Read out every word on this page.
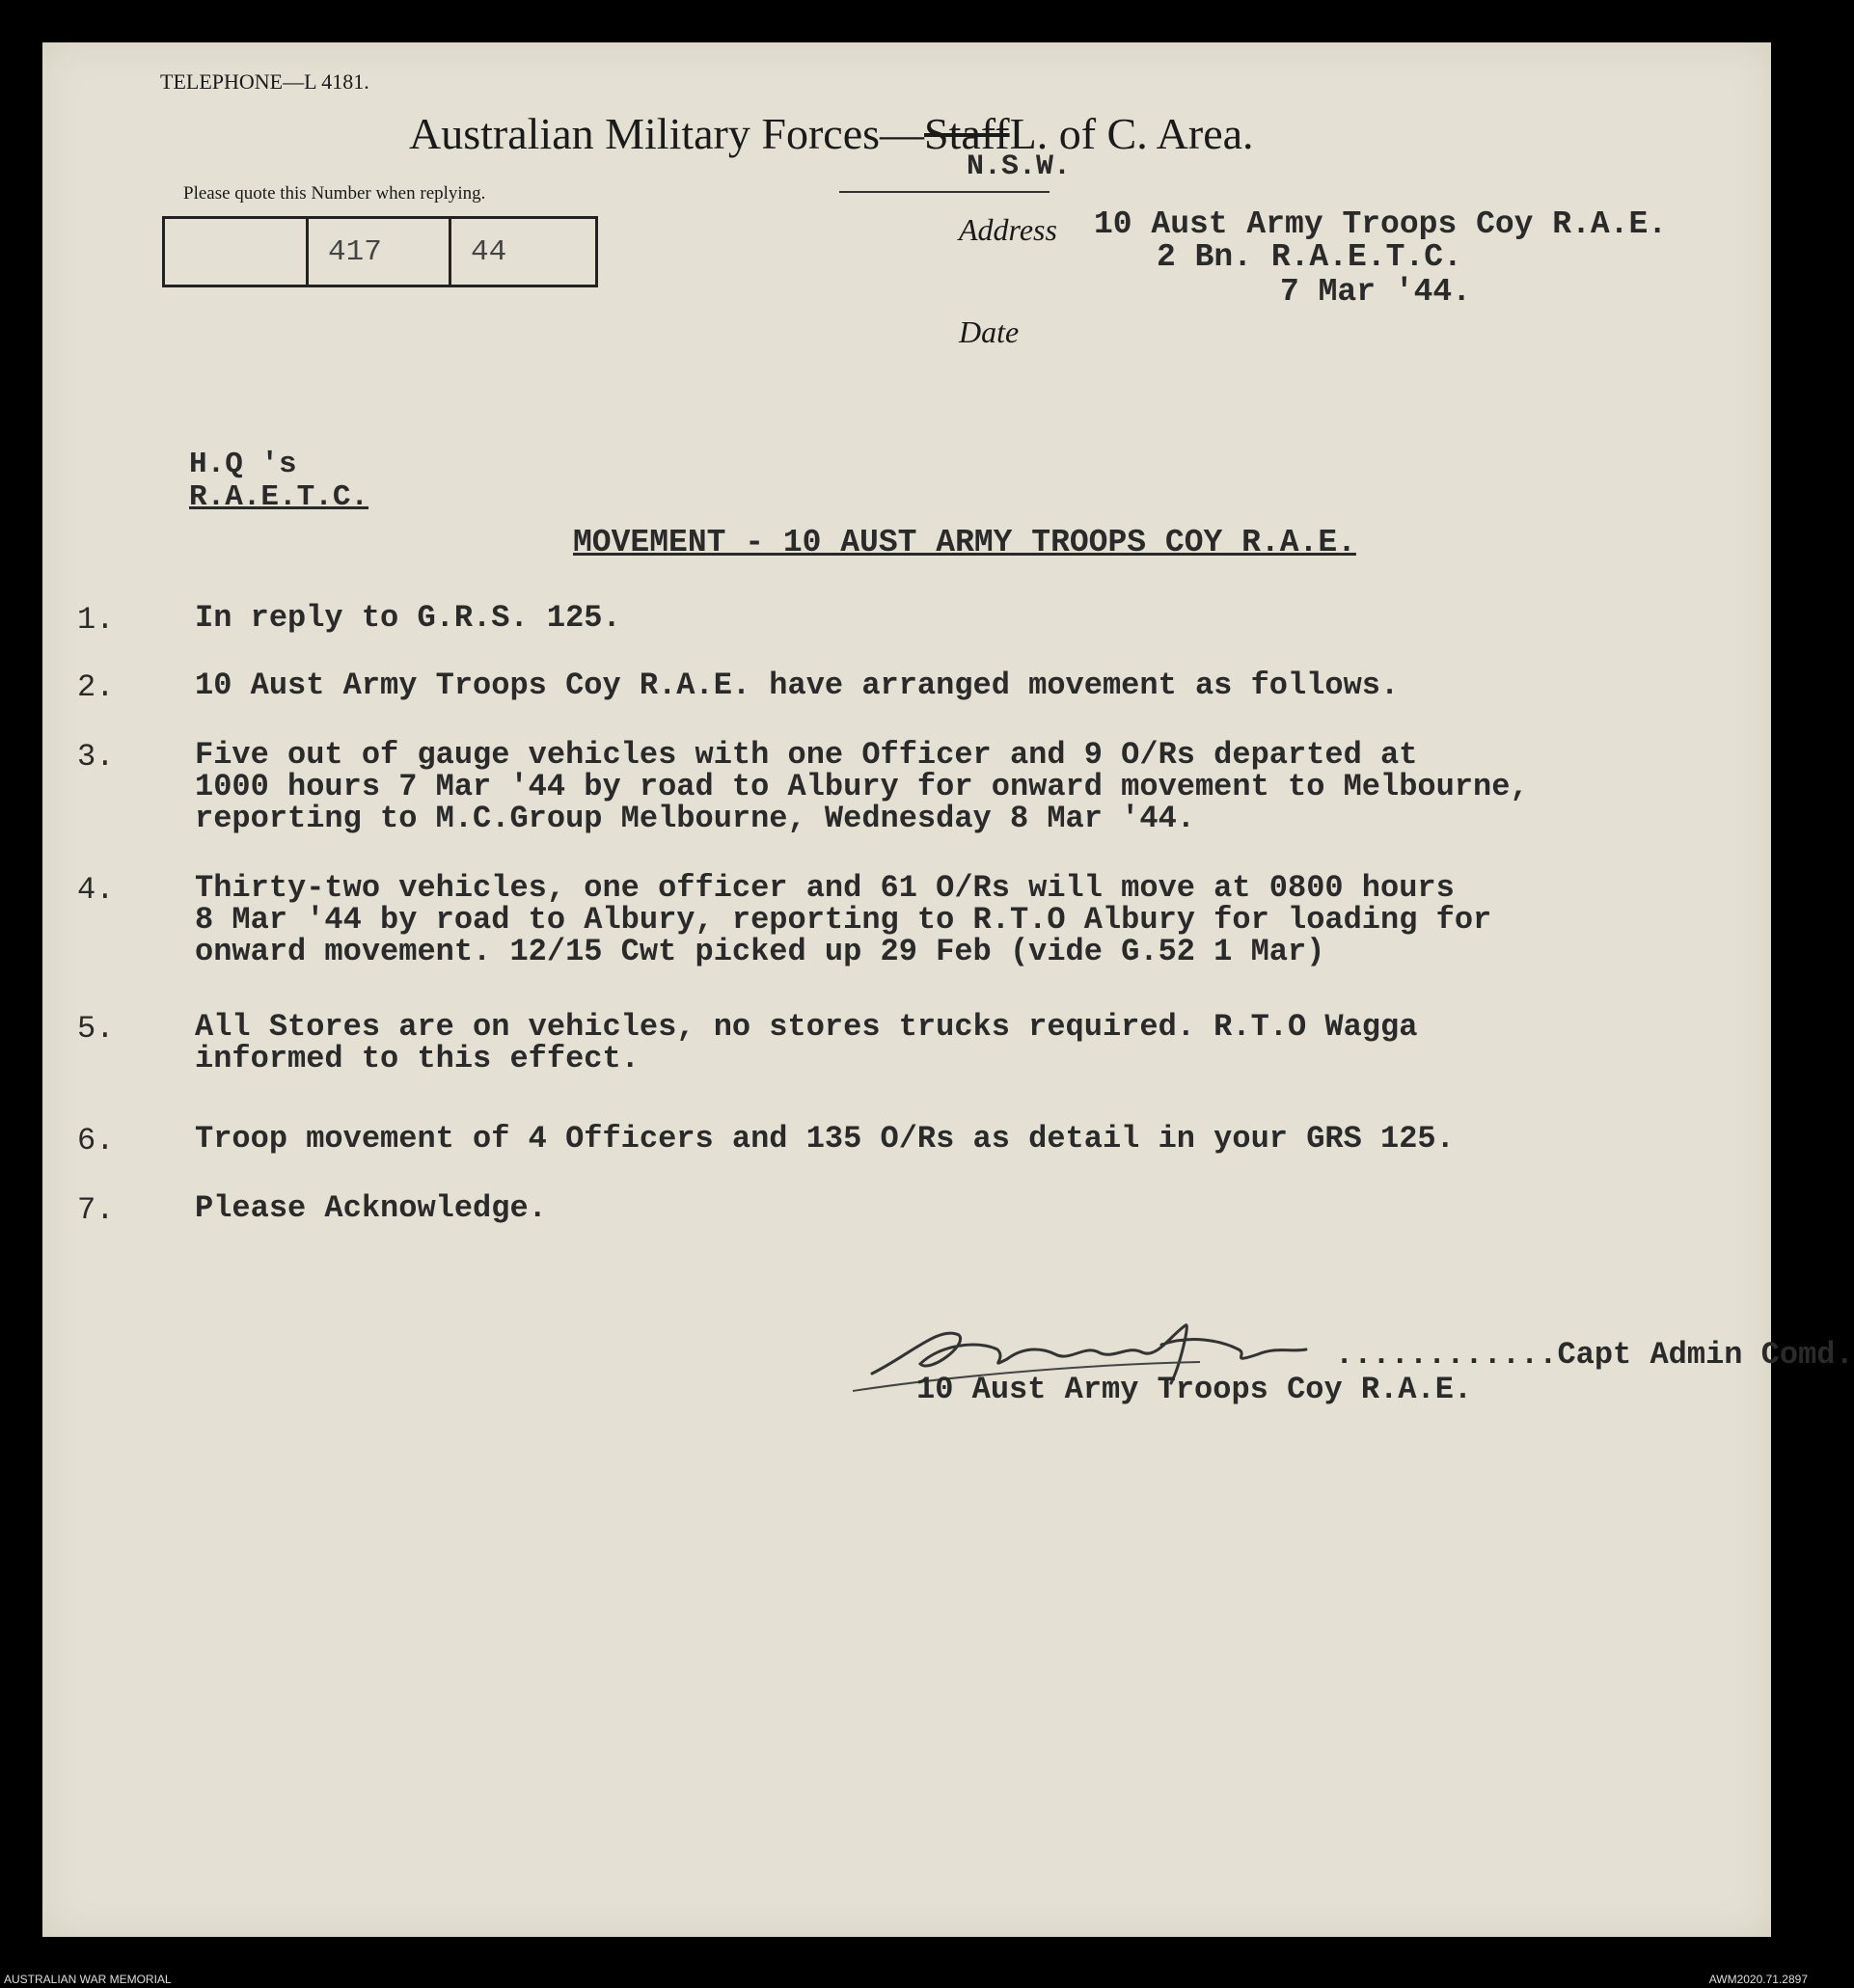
TELEPHONE—L 4181.
Australian Military Forces—StaffL. of C. Area.
N.S.W.
Please quote this Number when replying.
417	44
Address
Date
10 Aust Army Troops Coy R.A.E.
2 Bn. R.A.E.T.C.
7 Mar '44.
H.Q 's
R.A.E.T.C.
MOVEMENT - 10 AUST ARMY TROOPS COY R.A.E.
1.	In reply to G.R.S. 125.
2.	10 Aust Army Troops Coy R.A.E. have arranged movement as follows.
3.	Five out of gauge vehicles with one Officer and 9 O/Rs departed at
1000 hours 7 Mar '44 by road to Albury for onward movement to Melbourne,
reporting to M.C.Group Melbourne, Wednesday 8 Mar '44.
4.	Thirty-two vehicles, one officer and 61 O/Rs will move at 0800 hours
8 Mar '44 by road to Albury, reporting to R.T.O Albury for loading for
onward movement. 12/15 Cwt picked up 29 Feb (vide G.52 1 Mar)
5.	All Stores are on vehicles, no stores trucks required. R.T.O Wagga
informed to this effect.
6.	Troop movement of 4 Officers and 135 O/Rs as detail in your GRS 125.
7.	Please Acknowledge.
............Capt Admin Comd.
10 Aust Army Troops Coy R.A.E.
AUSTRALIAN WAR MEMORIAL	AWM2020.71.2897
